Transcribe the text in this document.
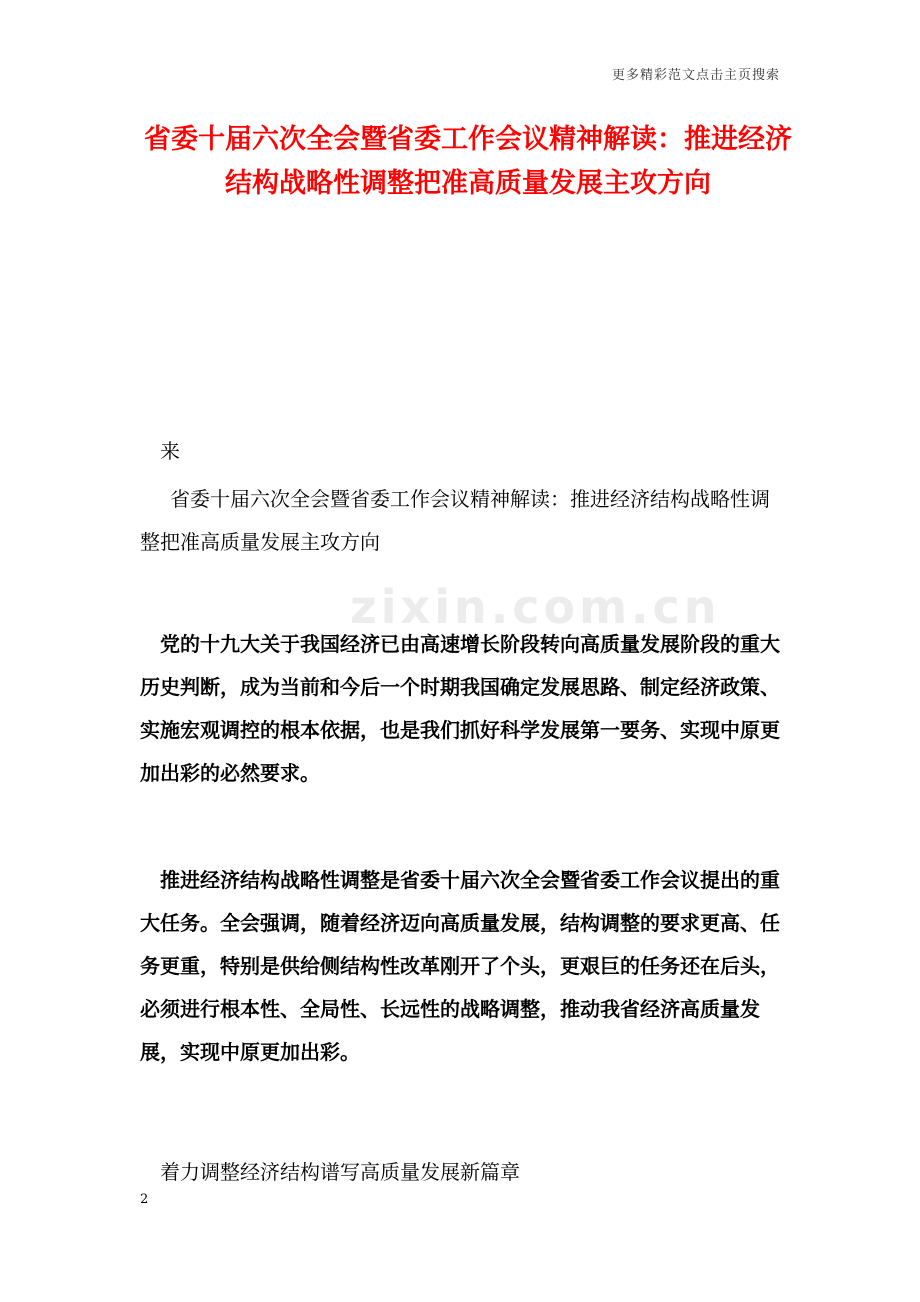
更多精彩范文点击主页搜索
省委十届六次全会暨省委工作会议精神解读：推进经济结构战略性调整把准高质量发展主攻方向
zixin.com.cn

来

省委十届六次全会暨省委工作会议精神解读：推进经济结构战略性调整把准高质量发展主攻方向

党的十九大关于我国经济已由高速增长阶段转向高质量发展阶段的重大历史判断，成为当前和今后一个时期我国确定发展思路、制定经济政策、实施宏观调控的根本依据，也是我们抓好科学发展第一要务、实现中原更加出彩的必然要求。

推进经济结构战略性调整是省委十届六次全会暨省委工作会议提出的重大任务。全会强调，随着经济迈向高质量发展，结构调整的要求更高、任务更重，特别是供给侧结构性改革刚开了个头，更艰巨的任务还在后头，必须进行根本性、全局性、长远性的战略调整，推动我省经济高质量发展，实现中原更加出彩。

着力调整经济结构谱写高质量发展新篇章

2
